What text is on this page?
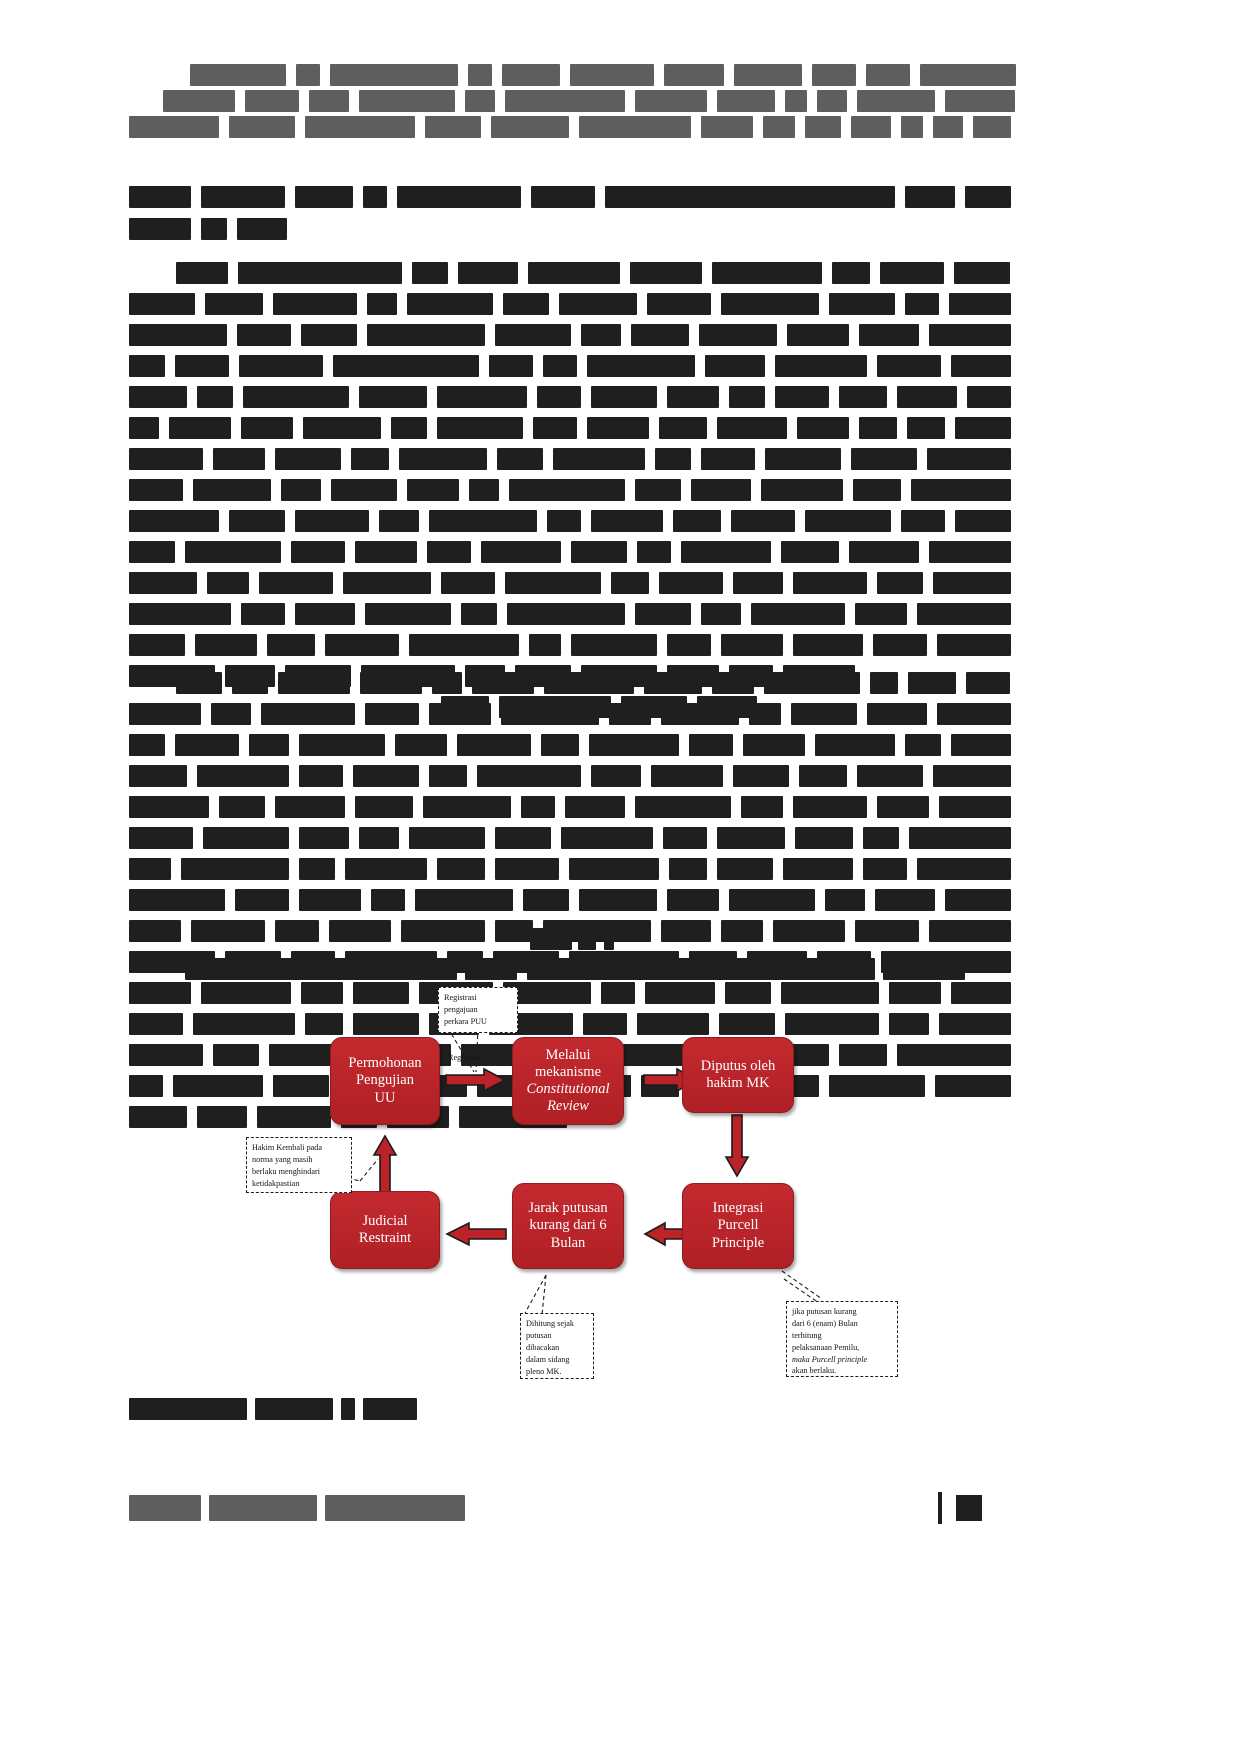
Permohonan
Pengujian
UU
Melalui
mekanisme
Constitutional
Review
Diputus oleh
hakim MK
Integrasi
Purcell
Principle
Jarak putusan
kurang dari 6
Bulan
Judicial
Restraint
Registrasi
Registrasi
pengajuan
perkara PUU
Hakim Kembali pada
norma yang masih
berlaku menghindari
ketidakpastian
Dihitung sejak
putusan
dibacakan
dalam sidang
pleno MK.
jika putusan kurang
dari 6 (enam) Bulan
terhitung
pelaksanaan Pemilu,
maka Purcell principle
akan berlaku.
